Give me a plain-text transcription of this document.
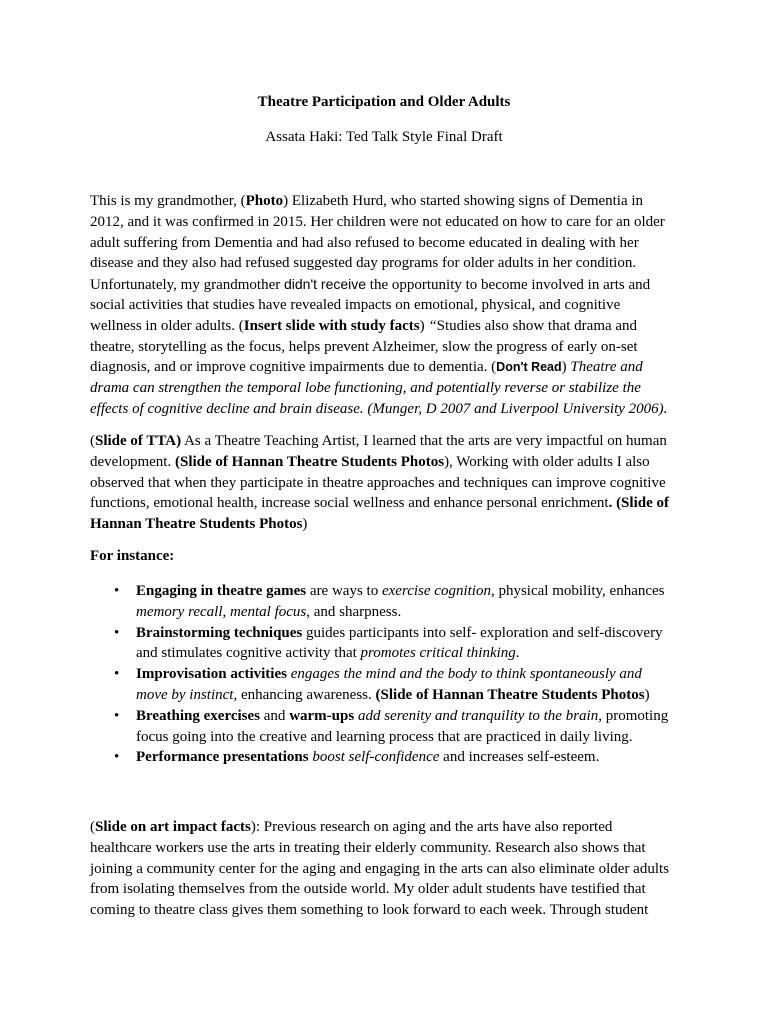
Theatre Participation and Older Adults
Assata Haki: Ted Talk Style Final Draft
This is my grandmother, (Photo) Elizabeth Hurd, who started showing signs of Dementia in
2012, and it was confirmed in 2015. Her children were not educated on how to care for an older
adult suffering from Dementia and had also refused to become educated in dealing with her
disease and they also had refused suggested day programs for older adults in her condition.
Unfortunately, my grandmother didn't receive the opportunity to become involved in arts and
social activities that studies have revealed impacts on emotional, physical, and cognitive
wellness in older adults. (Insert slide with study facts) “Studies also show that drama and
theatre, storytelling as the focus, helps prevent Alzheimer, slow the progress of early on-set
diagnosis, and or improve cognitive impairments due to dementia. (Don't Read) Theatre and
drama can strengthen the temporal lobe functioning, and potentially reverse or stabilize the
effects of cognitive decline and brain disease. (Munger, D 2007 and Liverpool University 2006).
(Slide of TTA) As a Theatre Teaching Artist, I learned that the arts are very impactful on human
development. (Slide of Hannan Theatre Students Photos), Working with older adults I also
observed that when they participate in theatre approaches and techniques can improve cognitive
functions, emotional health, increase social wellness and enhance personal enrichment. (Slide of
Hannan Theatre Students Photos)
For instance:
• Engaging in theatre games are ways to exercise cognition, physical mobility, enhances
memory recall, mental focus, and sharpness.
• Brainstorming techniques guides participants into self- exploration and self-discovery
and stimulates cognitive activity that promotes critical thinking.
• Improvisation activities engages the mind and the body to think spontaneously and
move by instinct, enhancing awareness. (Slide of Hannan Theatre Students Photos)
• Breathing exercises and warm-ups add serenity and tranquility to the brain, promoting
focus going into the creative and learning process that are practiced in daily living.
• Performance presentations boost self-confidence and increases self-esteem.
(Slide on art impact facts): Previous research on aging and the arts have also reported
healthcare workers use the arts in treating their elderly community. Research also shows that
joining a community center for the aging and engaging in the arts can also eliminate older adults
from isolating themselves from the outside world. My older adult students have testified that
coming to theatre class gives them something to look forward to each week. Through student
